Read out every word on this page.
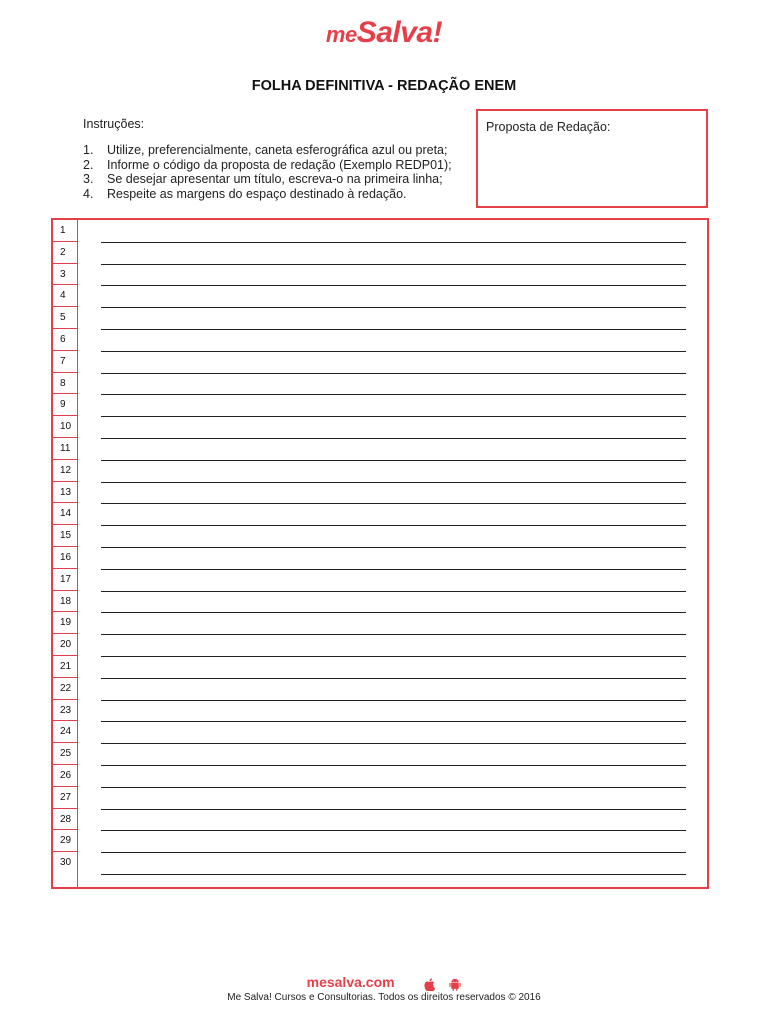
meSalva!
FOLHA DEFINITIVA - REDAÇÃO ENEM
Instruções:
1.	Utilize, preferencialmente, caneta esferográfica azul ou preta;
2.	Informe o código da proposta de redação (Exemplo REDP01);
3.	Se desejar apresentar um título, escreva-o na primeira linha;
4.	Respeite as margens do espaço destinado à redação.
Proposta de Redação:
1
2
3
4
5
6
7
8
9
10
11
12
13
14
15
16
17
18
19
20
21
22
23
24
25
26
27
28
29
30
mesalva.com
Me Salva! Cursos e Consultorias. Todos os direitos reservados © 2016
